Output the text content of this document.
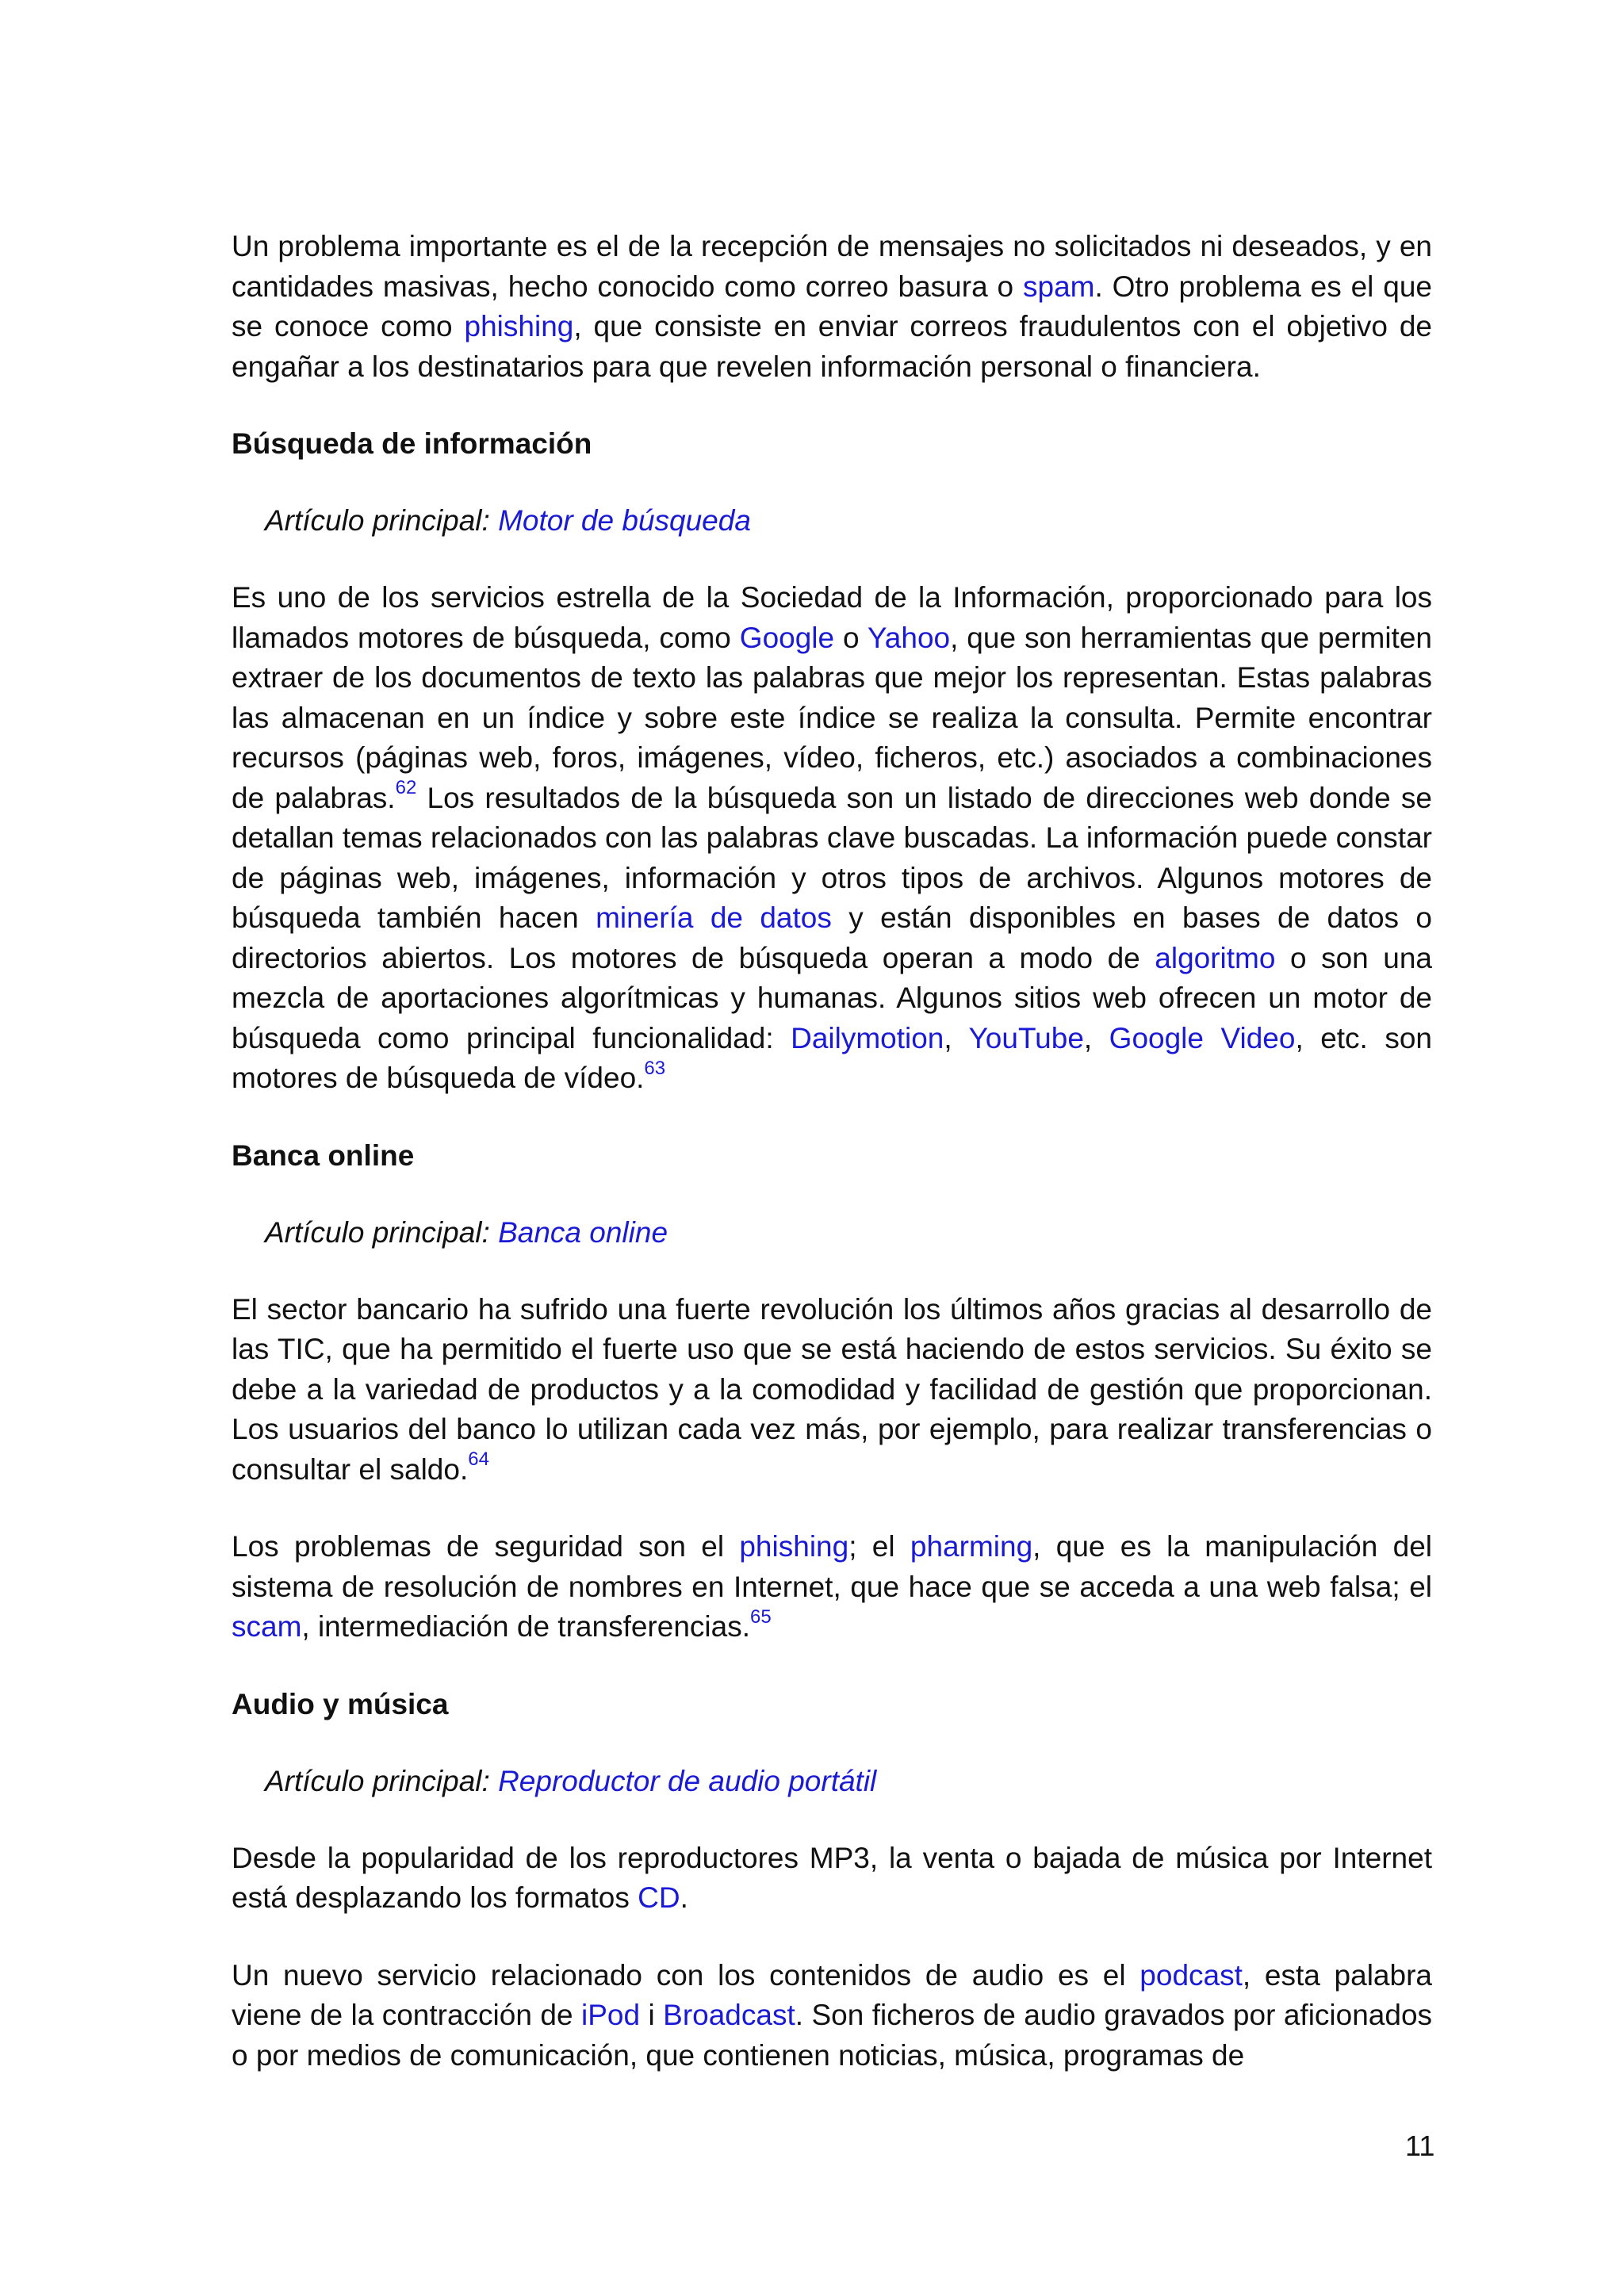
Un problema importante es el de la recepción de mensajes no solicitados ni deseados, y en cantidades masivas, hecho conocido como correo basura o spam. Otro problema es el que se conoce como phishing, que consiste en enviar correos fraudulentos con el objetivo de engañar a los destinatarios para que revelen información personal o financiera.

Búsqueda de información
Artículo principal: Motor de búsqueda

Es uno de los servicios estrella de la Sociedad de la Información, proporcionado para los llamados motores de búsqueda, como Google o Yahoo, que son herramientas que permiten extraer de los documentos de texto las palabras que mejor los representan. Estas palabras las almacenan en un índice y sobre este índice se realiza la consulta. Permite encontrar recursos (páginas web, foros, imágenes, vídeo, ficheros, etc.) asociados a combinaciones de palabras.$^{62}$ Los resultados de la búsqueda son un listado de direcciones web donde se detallan temas relacionados con las palabras clave buscadas. La información puede constar de páginas web, imágenes, información y otros tipos de archivos. Algunos motores de búsqueda también hacen minería de datos y están disponibles en bases de datos o directorios abiertos. Los motores de búsqueda operan a modo de algoritmo o son una mezcla de aportaciones algorítmicas y humanas. Algunos sitios web ofrecen un motor de búsqueda como principal funcionalidad: Dailymotion, YouTube, Google Video, etc. son motores de búsqueda de vídeo.$^{63}$

Banca online
Artículo principal: Banca online

El sector bancario ha sufrido una fuerte revolución los últimos años gracias al desarrollo de las TIC, que ha permitido el fuerte uso que se está haciendo de estos servicios. Su éxito se debe a la variedad de productos y a la comodidad y facilidad de gestión que proporcionan. Los usuarios del banco lo utilizan cada vez más, por ejemplo, para realizar transferencias o consultar el saldo.$^{64}$

Los problemas de seguridad son el phishing; el pharming, que es la manipulación del sistema de resolución de nombres en Internet, que hace que se acceda a una web falsa; el scam, intermediación de transferencias.$^{65}$

Audio y música
Artículo principal: Reproductor de audio portátil

Desde la popularidad de los reproductores MP3, la venta o bajada de música por Internet está desplazando los formatos CD.

Un nuevo servicio relacionado con los contenidos de audio es el podcast, esta palabra viene de la contracción de iPod i Broadcast. Son ficheros de audio gravados por aficionados o por medios de comunicación, que contienen noticias, música, programas de

11
